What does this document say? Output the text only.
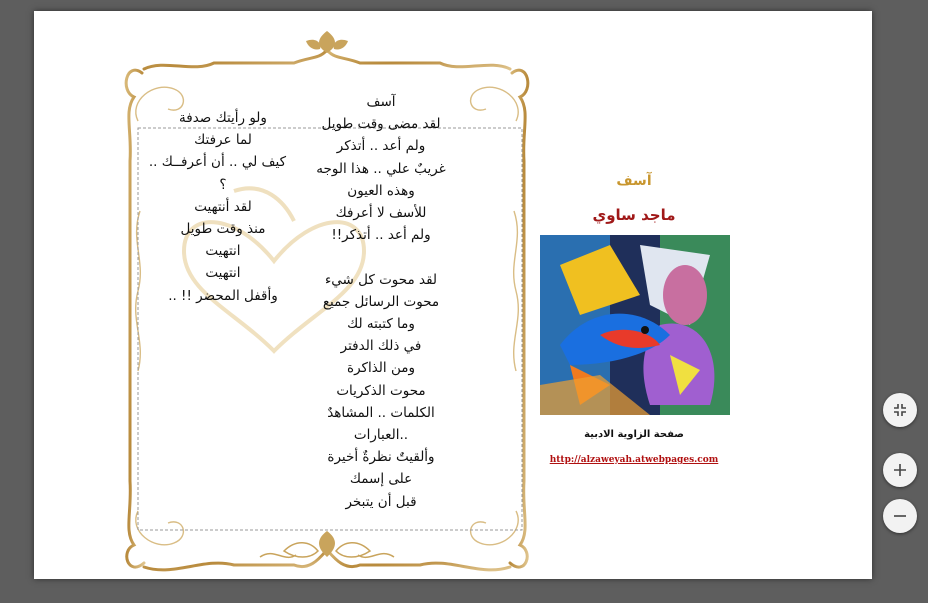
آسف
لقد مضى وقت طويل
ولم أعد .. أتذكر
غريبٌ علي .. هذا الوجه
وهذه العيون
للأسف لا أعرفك
ولم أعد .. أتذكر!!

لقد محوت كل شيء
محوت الرسائل جميع
وما كتبته لك
في ذلك الدفتر
ومن الذاكرة
محوت الذكريات
الكلمات .. المشاهدٌ
..العبارات
وألقيتٌ نظرةٌ أخيرة
على إسمك
قبل أن يتبخر
ولو رأيتك صدفة
لما عرفتك
كيف لي .. أن أعرفــك ..
؟
لقد أنتهيت
منذ وقت طويل
انتهيت
انتهيت
وأقفل المحضر !! ..
آسف
ماجد ساوي
صفحة الزاوية الادبية
http://alzaweyah.atwebpages.com
